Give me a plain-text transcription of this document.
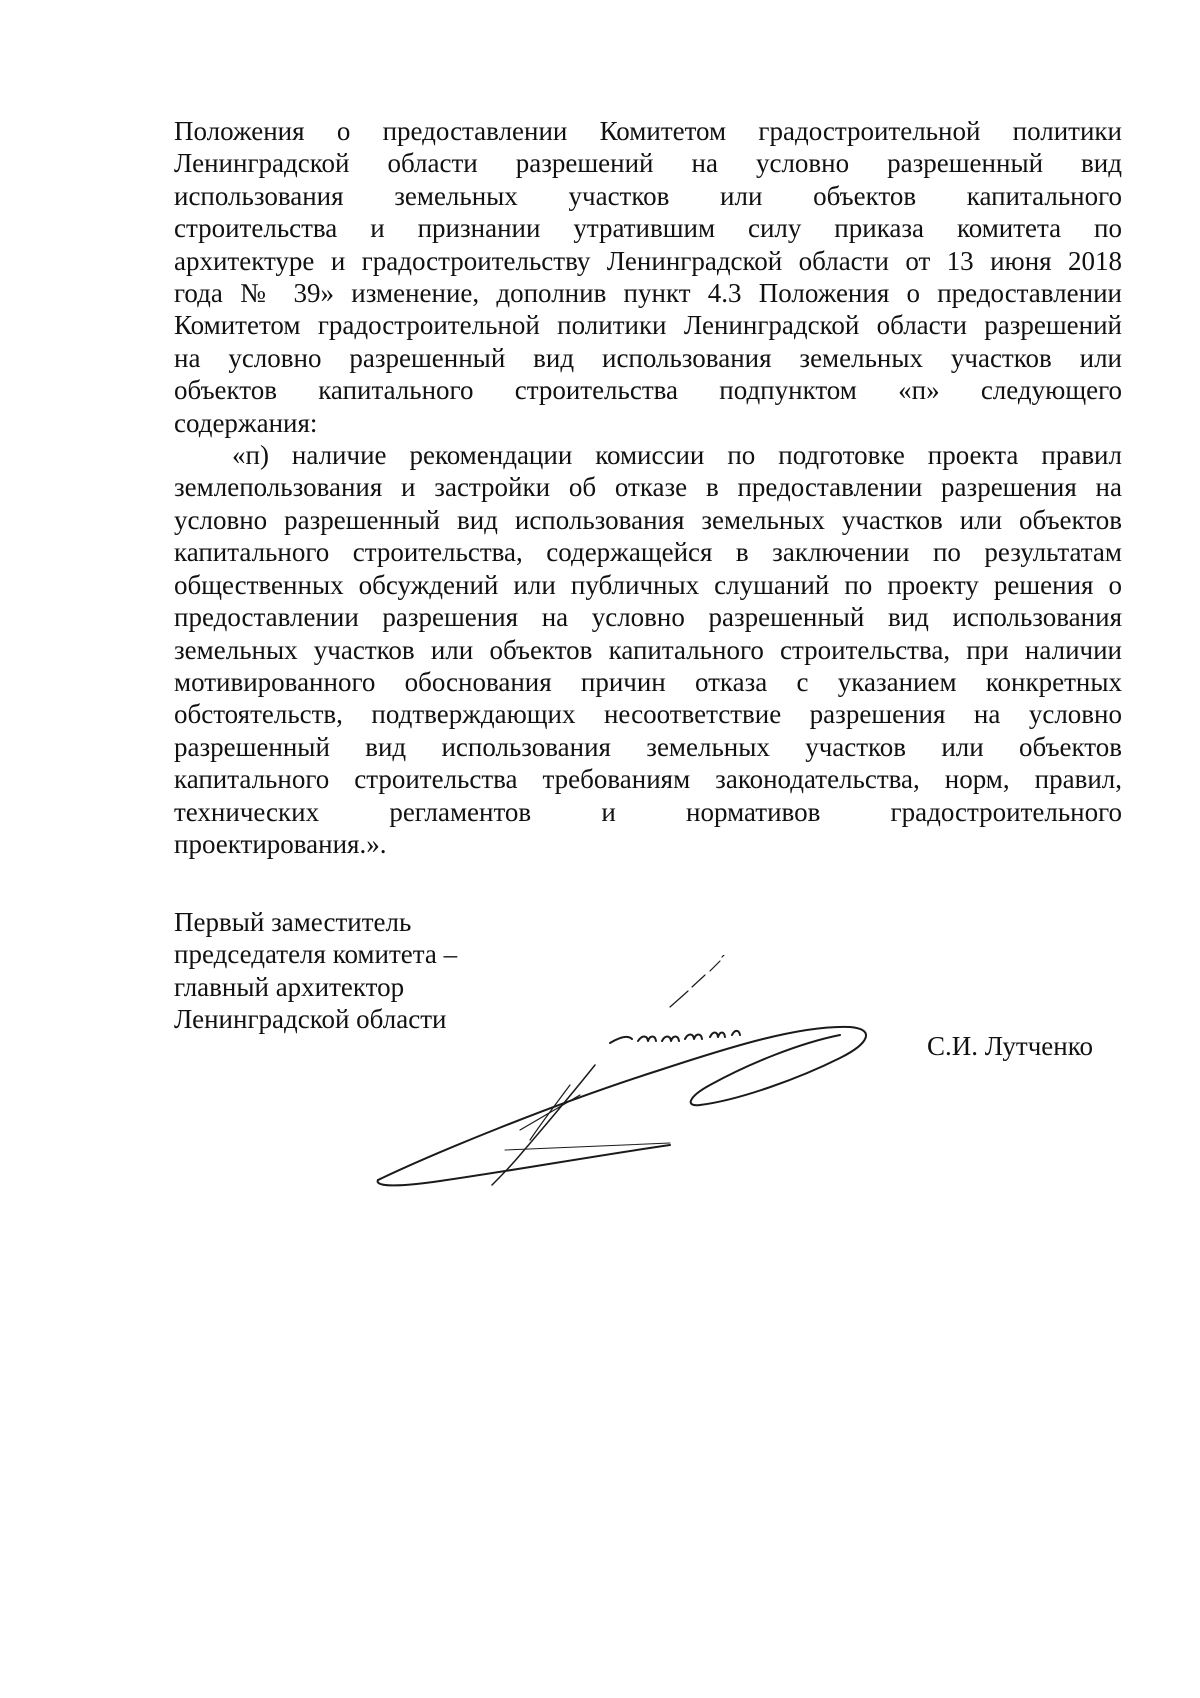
Положения о предоставлении Комитетом градостроительной политики
Ленинградской области разрешений на условно разрешенный вид
использования земельных участков или объектов капитального
строительства и признании утратившим силу приказа комитета по
архитектуре и градостроительству Ленинградской области от 13 июня 2018
года № 39» изменение, дополнив пункт 4.3 Положения о предоставлении
Комитетом градостроительной политики Ленинградской области разрешений
на условно разрешенный вид использования земельных участков или
объектов капитального строительства подпунктом «п» следующего
содержания:
«п) наличие рекомендации комиссии по подготовке проекта правил
землепользования и застройки об отказе в предоставлении разрешения на
условно разрешенный вид использования земельных участков или объектов
капитального строительства, содержащейся в заключении по результатам
общественных обсуждений или публичных слушаний по проекту решения о
предоставлении разрешения на условно разрешенный вид использования
земельных участков или объектов капитального строительства, при наличии
мотивированного обоснования причин отказа с указанием конкретных
обстоятельств, подтверждающих несоответствие разрешения на условно
разрешенный вид использования земельных участков или объектов
капитального строительства требованиям законодательства, норм, правил,
технических регламентов и нормативов градостроительного
проектирования.».
Первый заместитель
председателя комитета –
главный архитектор
Ленинградской области
С.И. Лутченко
